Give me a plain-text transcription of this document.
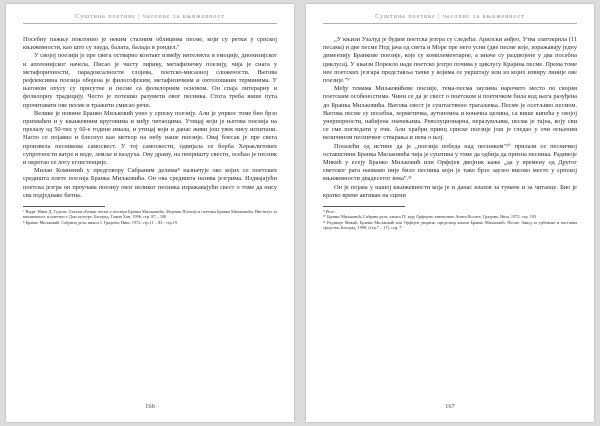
Суштина поетике | часопис за књижевност

Посебну пажњу поклонио је неким сталним облицима песме, који су ретки у српској књижевности, као што су лаудa, балата, балада и рондел.⁷

У својој поезији је пре свега остварио контакт између интелекта и емоције, дионизијског и аполонијског начела. Писао је чисту лирику, метафизичку поезију, чија је снага у метафоричности, парадоксалности слојева, поетско-мисаоној сложености. Његова рефлексивна поезија обојена је философским, метафизичким и онтолошким терминима. У његовом опусу су присутне и песме са фолклорним основом. Он спаја литерарну и фолклорну традицију. Често је потешко разумети овог песника. Стога треба више пута прочитавати ове песме и тражити смисао речи.

Велике је новине Бранко Миљковић унео у српску поезију. Али је упркос томе био брзо прихваћен и у књижевним круговима и међу читаоцима. Утицај који је његова поезија на прелазу од 50-тих у 60-е године имала, и утицај који и данас живи још увек нису испитани. Нагло се појавио и блеснуо као метеор на небу наше поезије. Овај блесак је пре свега произвела песникова самосвест. У тој самосвести, одвијала се борба Хераклитових супротности ватре и воде, земље и ваздуха. Ову драму, на попришту свести, осећао је песник и окретао се логу егзистенције.

Милан Комненић у предговору Сабраним делима⁸ назначује око којих се поетских средишта плете поезија Бранка Миљковића. Он ова средишта назива језгрима. Издвајајући поетска језгра он проучава поезију овог великог песника изражавајући свест о томе да нису сва подједнако битна.

⁷ Види: Нина Д. Гудели, Стални облици песме у поезији Бранка Миљковића, Зборник Поезија и поетика Бранка Миљковића, Институт за књижевност и уметност, Дом културе, Београд, Гаџин Хан, 1996, стр. 87 – 100

⁸ Бранко Миљковић, Сабрана дела, књига I, Градина, Ниш, 1972, стр.11 – 83 ; стр.19

166
Суштина поетике | часопис за књижевност

„У књизи Узалуд је будим поетска језгра су следећа: Арилски анђео, Утва златокрила (11 песама) и две песме Нод јача од света и Море пре него усни (две песме које, изражавају једну димензију Бранкове поезије, које су комплементарне, а иначе су раздвојене у два посебна циклуса). У књизи Порекло наде поетско језгро почива у циклусу Крајина песме. Према томе нее поетских језгара представља тачке у којима се укрштају или из којих извиру линије ове поезије."⁹

Међу темама Миљковићеве поезије, тема-песма заузима нарочито место по својим поетским особеностима. Чини се да је свест о поетском и поетичком била код њега разуђена до Бранка Миљковића. Његова свест је суштаствено трагалачка. Песме је осетљиво песмом. Његова песме су посебна, херметичка, аутономна и коначна целина, са више кипећа у својој унерпорности, набијена значењима. Револуционарна, неразумљива, песма је тајна, коју сви се сме погледати у очи. Али храбри принц српске поезије још је гледао у очи огњеним величином песничког стварања и пева о њој.

Полазећи од истине да је „поезија победа над песником"¹⁰ прилази се песничкој оставштини Бранка Миљковића чија је суштина у томе да одбија да призна песника. Радивоје Микић у есеју Бранко Миљковић или Орфејев двојник каже „да у времену од Другог светског рата наовамо није било песника који је тако брзо заузео високо место у српској књижевности двадесетог века".¹¹

Он је појава у нашој књижевности која је и данас изазов за тумаче и за читаоце. Био је кратко време активан на сцени

⁹ Исто

¹⁰ Бранко Миљковић, Сабрана дела, књига IV, коју Орфејево завештање Анита Косите, Градина, Ниш, 1972, стр. 193

¹¹ Радивоје Микић, Бранко Миљковић или Орфејев двојник, предговор књизи Бранко Миљковић, Песме, Завод за уџбенике и наставна средства, Београд, 1998, (стр.7 – 17), стр. 7

167
